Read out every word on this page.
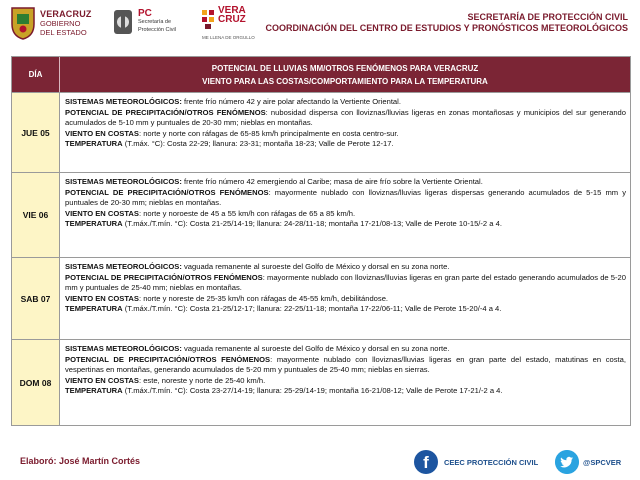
VERACRUZ
GOBIERNO
DEL ESTADO
PC
Secretaría de
Protección Civil
VERA
CRUZ
ME LLENA DE ORGULLO
SECRETARÍA DE PROTECCIÓN CIVIL
COORDINACIÓN DEL CENTRO DE ESTUDIOS Y PRONÓSTICOS METEOROLÓGICOS
DÍA
POTENCIAL DE LLUVIAS MM/OTROS FENÓMENOS PARA VERACRUZ
VIENTO PARA LAS COSTAS/COMPORTAMIENTO PARA LA TEMPERATURA
JUE 05

SISTEMAS METEOROLÓGICOS: frente frío número 42 y aire polar afectando la Vertiente Oriental.

POTENCIAL DE PRECIPITACIÓN/OTROS FENÓMENOS: nubosidad dispersa con lloviznas/lluvias ligeras en zonas montañosas y municipios del sur generando acumulados de 5-10 mm y puntuales de 20-30 mm; nieblas en montañas.

VIENTO EN COSTAS: norte y norte con ráfagas de 65-85 km/h principalmente en costa centro-sur.

TEMPERATURA (T.máx. °C): Costa 22-29; llanura: 23-31; montaña 18-23; Valle de Perote 12-17.

VIE 06

SISTEMAS METEOROLÓGICOS: frente frío número 42 emergiendo al Caribe; masa de aire frío sobre la Vertiente Oriental.

POTENCIAL DE PRECIPITACIÓN/OTROS FENÓMENOS: mayormente nublado con lloviznas/lluvias ligeras dispersas generando acumulados de 5-15 mm y puntuales de 20-30 mm; nieblas en montañas.

VIENTO EN COSTAS: norte y noroeste de 45 a 55 km/h con ráfagas de 65 a 85 km/h.

TEMPERATURA (T.máx./T.mín. °C): Costa 21-25/14-19; llanura: 24-28/11-18; montaña 17-21/08-13; Valle de Perote 10-15/-2 a 4.

SAB 07

SISTEMAS METEOROLÓGICOS: vaguada remanente al suroeste del Golfo de México y dorsal en su zona norte.

POTENCIAL DE PRECIPITACIÓN/OTROS FENÓMENOS: mayormente nublado con lloviznas/lluvias ligeras en gran parte del estado generando acumulados de 5-20 mm y puntuales de 25-40 mm; nieblas en montañas.

VIENTO EN COSTAS: norte y noreste de 25-35 km/h con ráfagas de 45-55 km/h, debilitándose.

TEMPERATURA (T.máx./T.mín. °C): Costa 21-25/12-17; llanura: 22-25/11-18; montaña 17-22/06-11; Valle de Perote 15-20/-4 a 4.

DOM 08

SISTEMAS METEOROLÓGICOS: vaguada remanente al suroeste del Golfo de México y dorsal en su zona norte.

POTENCIAL DE PRECIPITACIÓN/OTROS FENÓMENOS: mayormente nublado con lloviznas/lluvias ligeras en gran parte del estado, matutinas en costa, vespertinas en montañas, generando acumulados de 5-20 mm y puntuales de 25-40 mm; nieblas en sierras.

VIENTO EN COSTAS: este, noreste y norte de 25-40 km/h.

TEMPERATURA (T.máx./T.mín. °C): Costa 23-27/14-19; llanura: 25-29/14-19; montaña 16-21/08-12; Valle de Perote 17-21/-2 a 4.

Elaboró: José Martín Cortés	f	CEEC PROTECCIÓN CIVIL	@SPCVER
